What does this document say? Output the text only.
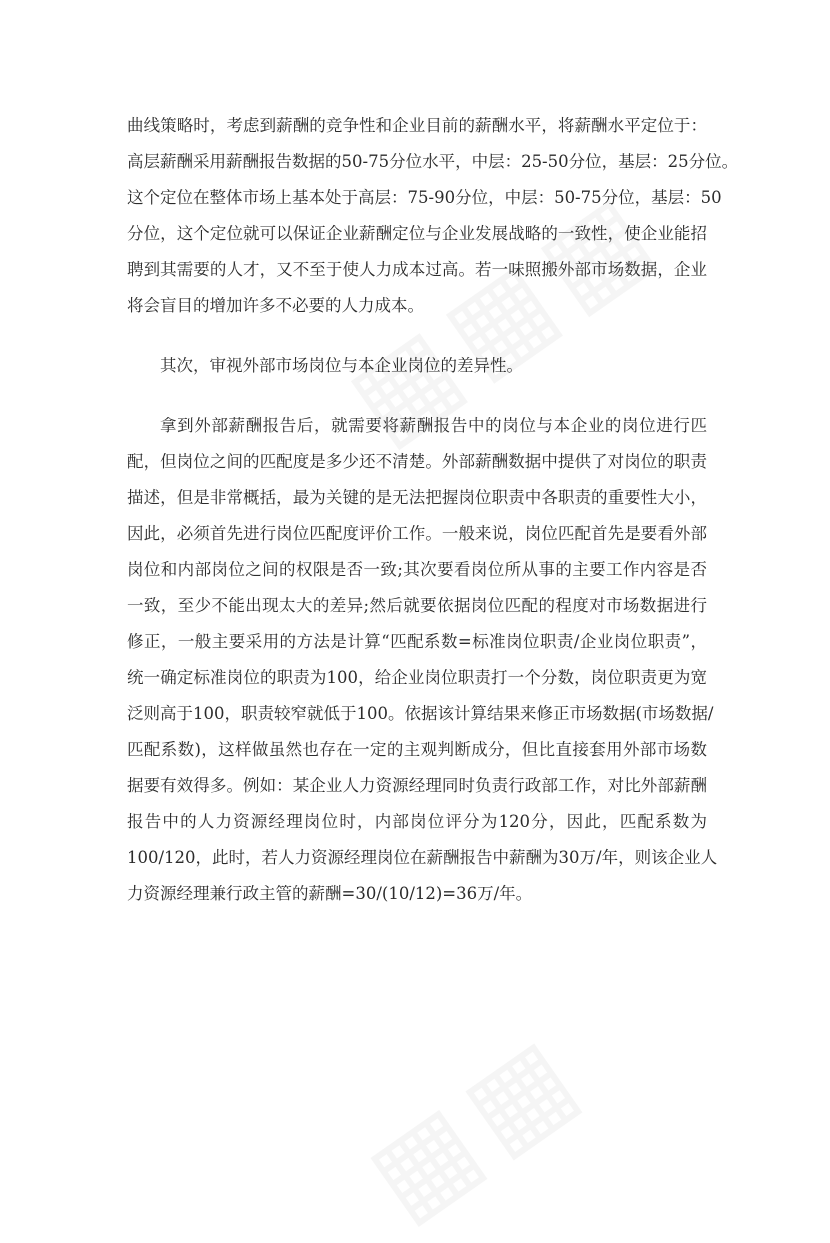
曲线策略时，考虑到薪酬的竞争性和企业目前的薪酬水平，将薪酬水平定位于：
高层薪酬采用薪酬报告数据的50-75分位水平，中层：25-50分位，基层：25分位。
这个定位在整体市场上基本处于高层：75-90分位，中层：50-75分位，基层：50
分位，这个定位就可以保证企业薪酬定位与企业发展战略的一致性，使企业能招
聘到其需要的人才，又不至于使人力成本过高。若一味照搬外部市场数据，企业
将会盲目的增加许多不必要的人力成本。
其次，审视外部市场岗位与本企业岗位的差异性。
拿到外部薪酬报告后，就需要将薪酬报告中的岗位与本企业的岗位进行匹
配，但岗位之间的匹配度是多少还不清楚。外部薪酬数据中提供了对岗位的职责
描述，但是非常概括，最为关键的是无法把握岗位职责中各职责的重要性大小，
因此，必须首先进行岗位匹配度评价工作。一般来说，岗位匹配首先是要看外部
岗位和内部岗位之间的权限是否一致;其次要看岗位所从事的主要工作内容是否
一致，至少不能出现太大的差异;然后就要依据岗位匹配的程度对市场数据进行
修正，一般主要采用的方法是计算“匹配系数=标准岗位职责/企业岗位职责”，
统一确定标准岗位的职责为100，给企业岗位职责打一个分数，岗位职责更为宽
泛则高于100，职责较窄就低于100。依据该计算结果来修正市场数据(市场数据/
匹配系数)，这样做虽然也存在一定的主观判断成分，但比直接套用外部市场数
据要有效得多。例如：某企业人力资源经理同时负责行政部工作，对比外部薪酬
报告中的人力资源经理岗位时，内部岗位评分为120分，因此，匹配系数为
100/120，此时，若人力资源经理岗位在薪酬报告中薪酬为30万/年，则该企业人
力资源经理兼行政主管的薪酬=30/(10/12)=36万/年。
